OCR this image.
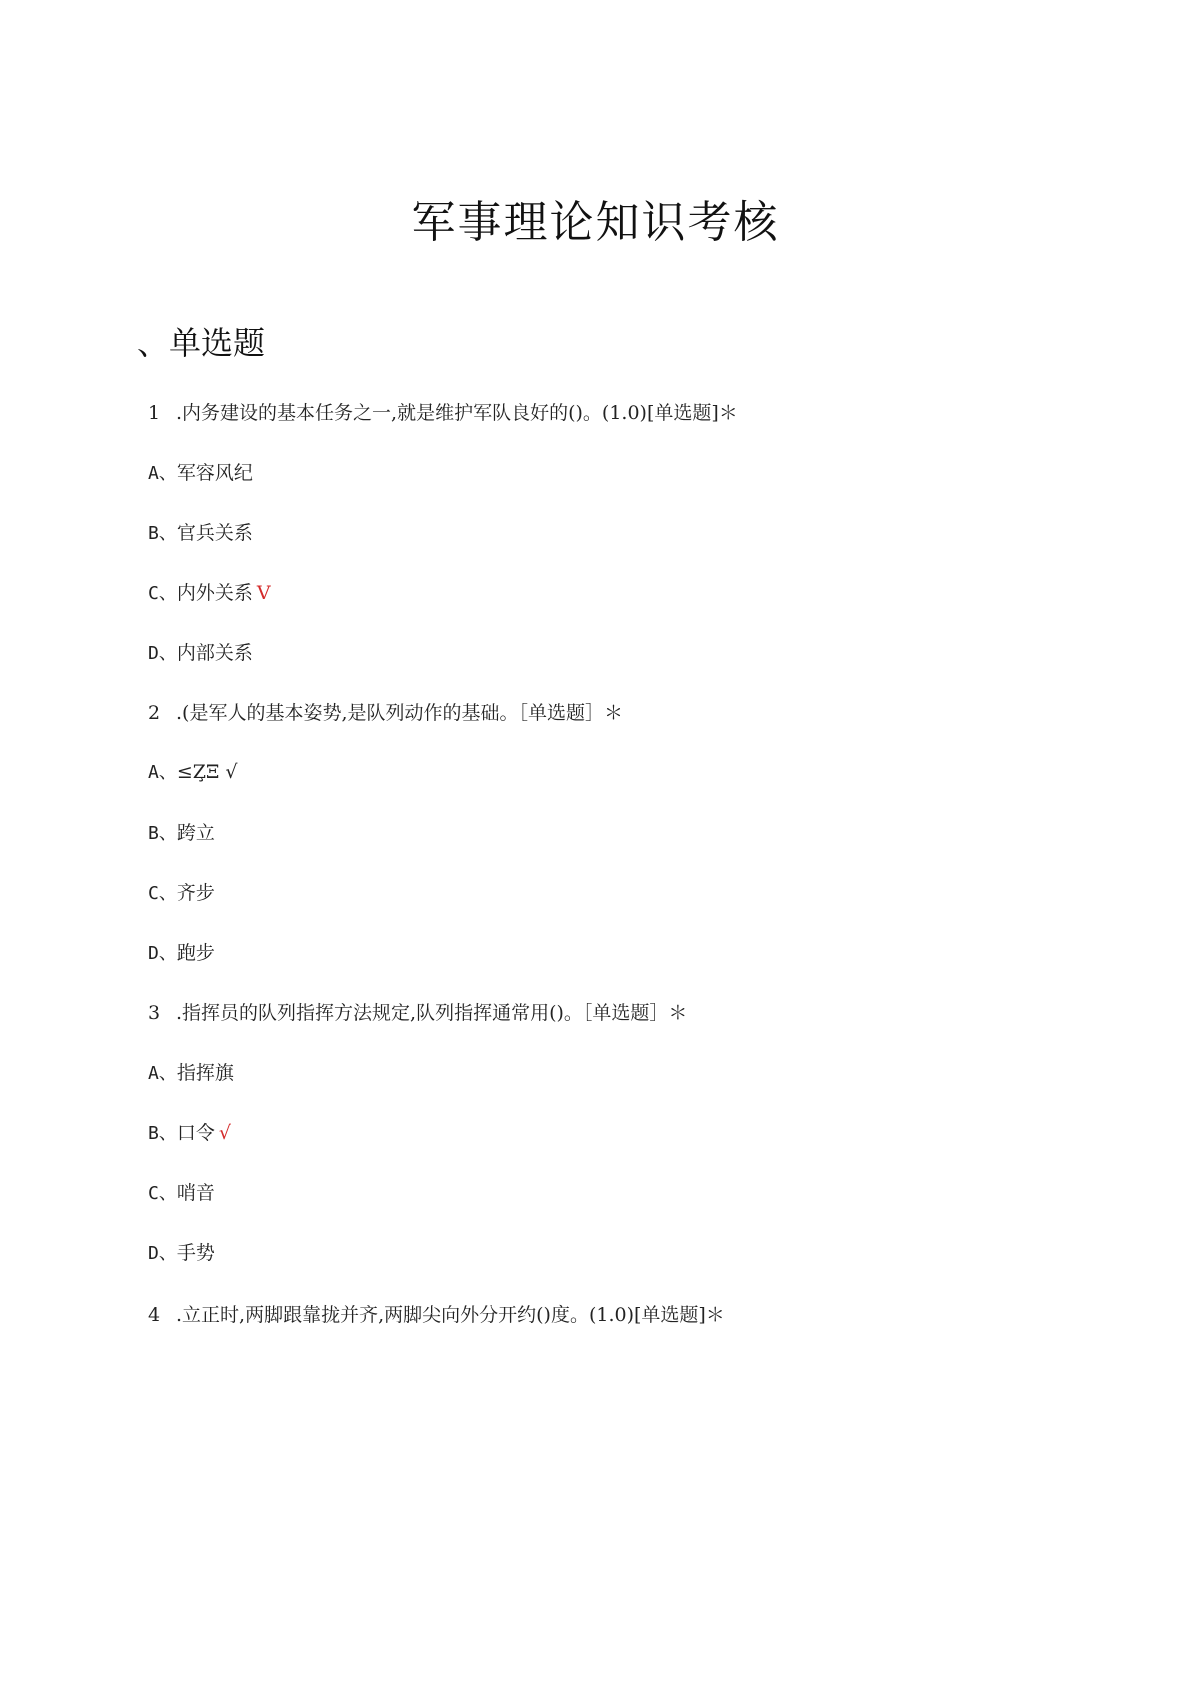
军事理论知识考核
、单选题
1 .内务建设的基本任务之一,就是维护军队良好的()。(1.0)[单选题]＊
A、军容风纪
B、官兵关系
C、内外关系 V
D、内部关系
2 .(是军人的基本姿势,是队列动作的基础。［单选题］＊
A、≤Z̧Ξ √
B、跨立
C、齐步
D、跑步
3 .指挥员的队列指挥方法规定,队列指挥通常用()。［单选题］＊
A、指挥旗
B、口令 √
C、哨音
D、手势
4 .立正时,两脚跟靠拢并齐,两脚尖向外分开约()度。(1.0)[单选题]＊
